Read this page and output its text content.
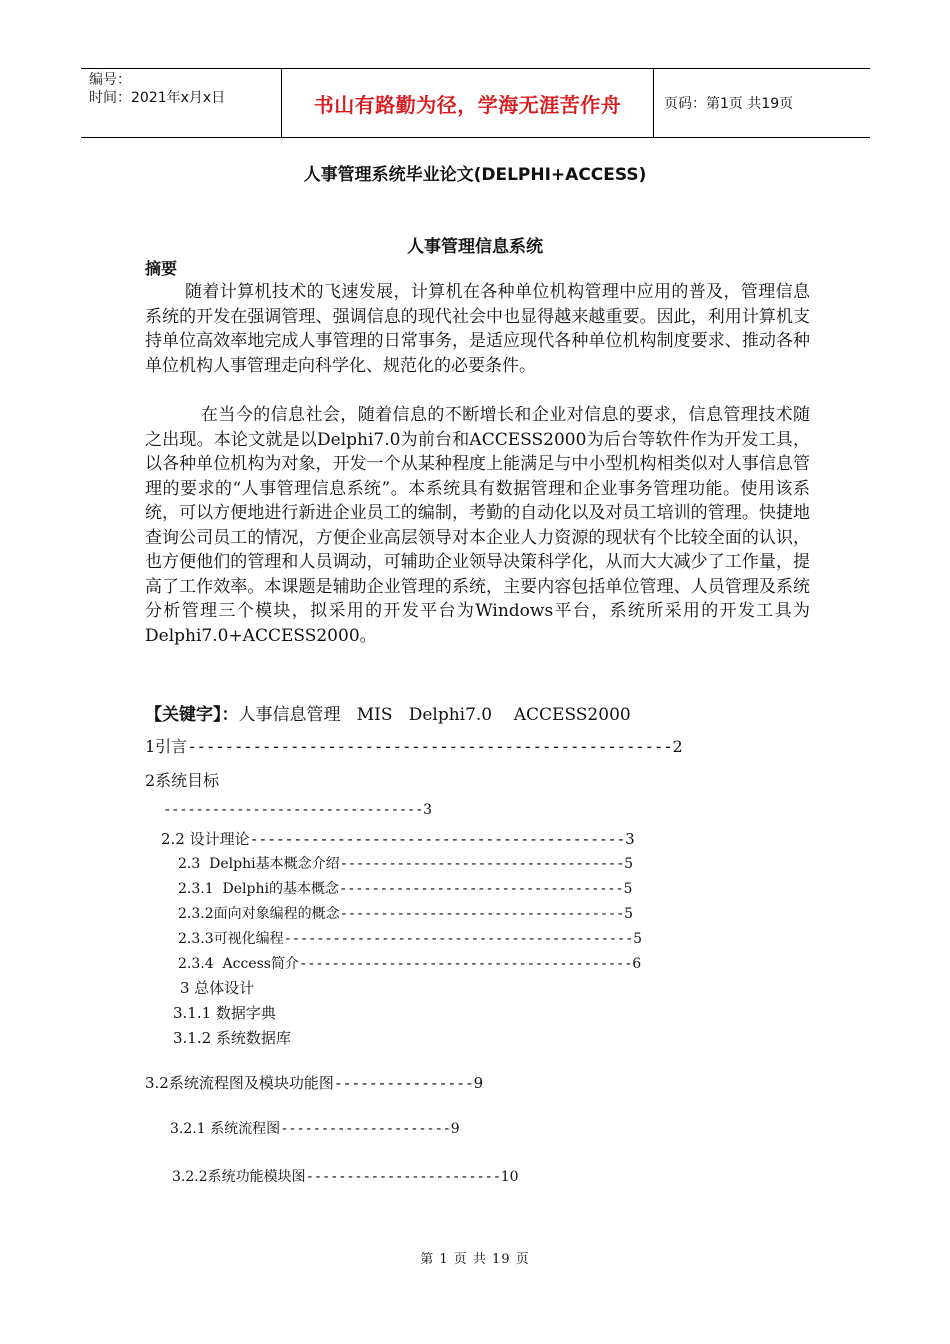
编号：
时间：2021年x月x日	书山有路勤为径，学海无涯苦作舟	页码：第1页 共19页
人事管理系统毕业论文(DELPHI+ACCESS)
人事管理信息系统
摘要
随着计算机技术的飞速发展，计算机在各种单位机构管理中应用的普及，管理信息系统的开发在强调管理、强调信息的现代社会中也显得越来越重要。因此，利用计算机支持单位高效率地完成人事管理的日常事务，是适应现代各种单位机构制度要求、推动各种单位机构人事管理走向科学化、规范化的必要条件。
在当今的信息社会，随着信息的不断增长和企业对信息的要求，信息管理技术随之出现。本论文就是以Delphi7.0为前台和ACCESS2000为后台等软件作为开发工具，以各种单位机构为对象，开发一个从某种程度上能满足与中小型机构相类似对人事信息管理的要求的“人事管理信息系统”。本系统具有数据管理和企业事务管理功能。使用该系统，可以方便地进行新进企业员工的编制，考勤的自动化以及对员工培训的管理。快捷地查询公司员工的情况，方便企业高层领导对本企业人力资源的现状有个比较全面的认识，也方便他们的管理和人员调动，可辅助企业领导决策科学化，从而大大减少了工作量，提高了工作效率。本课题是辅助企业管理的系统，主要内容包括单位管理、人员管理及系统分析管理三个模块，拟采用的开发平台为Windows平台，系统所采用的开发工具为Delphi7.0+ACCESS2000。
【关键字】：人事信息管理   MIS   Delphi7.0    ACCESS2000
1引言----------------------------------------------------2
2系统目标
--------------------------------3
2.2 设计理论-------------------------------------------3
2.3  Delphi基本概念介绍-----------------------------------5
2.3.1  Delphi的基本概念-----------------------------------5
2.3.2面向对象编程的概念-----------------------------------5
2.3.3可视化编程-------------------------------------------5
2.3.4  Access简介-----------------------------------------6
3 总体设计
3.1.1 数据字典
3.1.2 系统数据库
3.2系统流程图及模块功能图----------------9
3.2.1 系统流程图---------------------9
3.2.2系统功能模块图------------------------10
第 1 页 共 19 页
